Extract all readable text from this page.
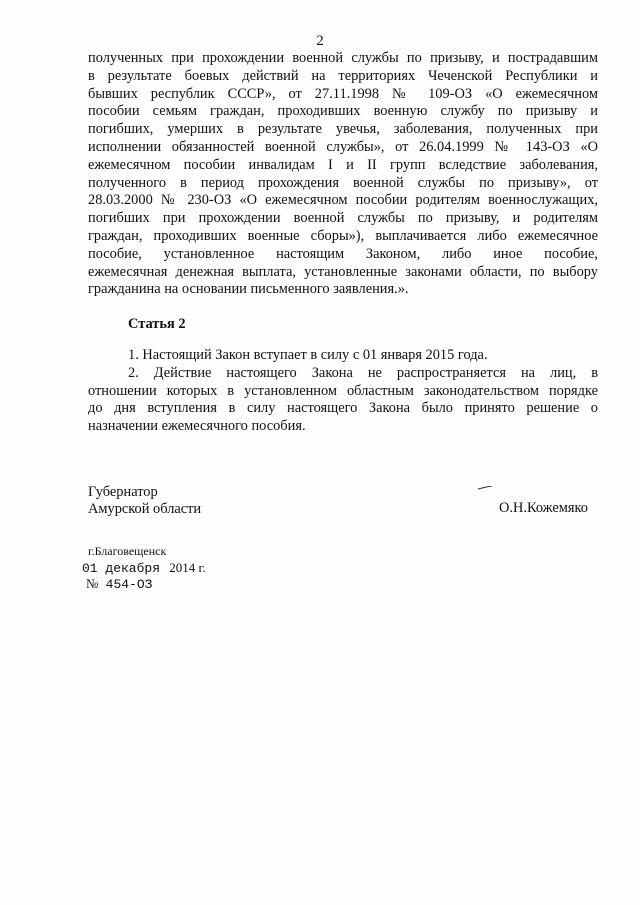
2
полученных при прохождении военной службы по призыву, и пострадавшим
в результате боевых действий на территориях Чеченской Республики и
бывших республик СССР», от 27.11.1998 № 109-ОЗ «О ежемесячном
пособии семьям граждан, проходивших военную службу по призыву и
погибших, умерших в результате увечья, заболевания, полученных при
исполнении обязанностей военной службы», от 26.04.1999 № 143-ОЗ «О
ежемесячном пособии инвалидам I и II групп вследствие заболевания,
полученного в период прохождения военной службы по призыву», от
28.03.2000 № 230-ОЗ «О ежемесячном пособии родителям военнослужащих,
погибших при прохождении военной службы по призыву, и родителям
граждан, проходивших военные сборы»), выплачивается либо ежемесячное
пособие, установленное настоящим Законом, либо иное пособие,
ежемесячная денежная выплата, установленные законами области, по выбору
гражданина на основании письменного заявления.».
Статья 2
1. Настоящий Закон вступает в силу с 01 января 2015 года.
2. Действие настоящего Закона не распространяется на лиц, в
отношении которых в установленном областным законодательством порядке
до дня вступления в силу настоящего Закона было принято решение о
назначении ежемесячного пособия.
Губернатор
Амурской области	О.Н.Кожемяко
г.Благовещенск
01 декабря 2014 г.
№ 454-ОЗ
